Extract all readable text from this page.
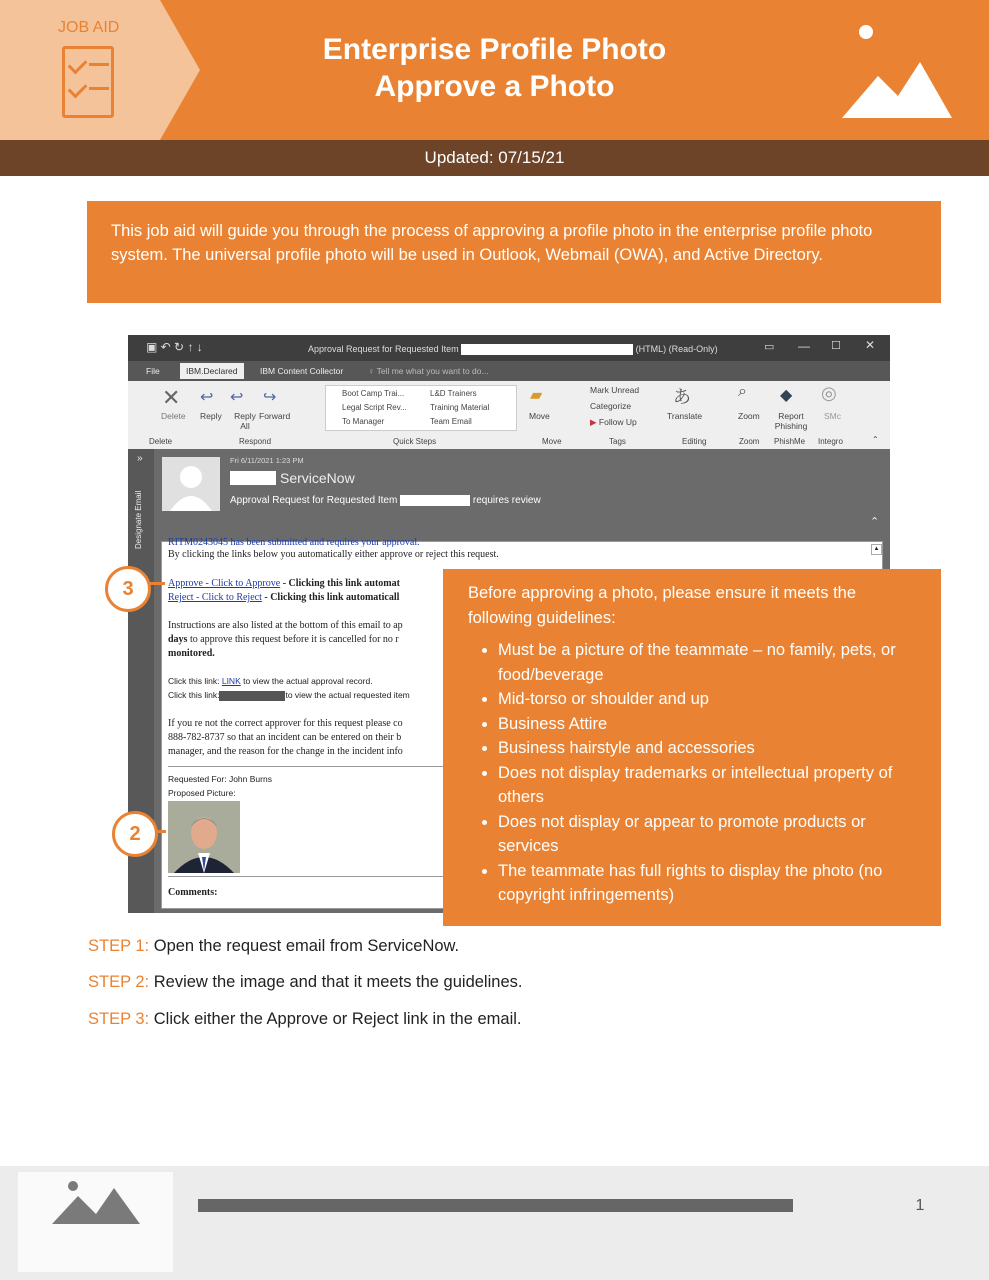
JOB AID
Enterprise Profile Photo
Approve a Photo
Updated: 07/15/21
This job aid will guide you through the process of approving a profile photo in the enterprise profile photo system. The universal profile photo will be used in Outlook, Webmail (OWA), and Active Directory.
▣ ↶ ↻ ↑ ↓	Approval Request for Requested Item	(HTML) (Read-Only)	▭ — ☐ ✕
File	IBM.Declared	IBM Content Collector	♀ Tell me what you want to do...
✕
Delete
↩
Reply
↩
Reply All
↪
Forward
Boot Camp Trai...	L&D Trainers
Legal Script Rev...	Training Material
To Manager	Team Email
▰
Move
Mark Unread
Categorize
▶ Follow Up
あ
Translate
⌕
Zoom
◆
Report Phishing
◎
SMc
Delete	Respond	Quick Steps	Move	Tags	Editing	Zoom PhishMe Integro	⌃
»
Designate Email
Fri 6/11/2021 1:23 PM
ServiceNow
Approval Request for Requested Item	requires review
⌃
RITM0243045 has been submitted and requires your approval.
By clicking the links below you automatically either approve or reject this request.
Approve - Click to Approve - Clicking this link automat
Reject - Click to Reject - Clicking this link automaticall
Instructions are also listed at the bottom of this email to ap
days to approve this request before it is cancelled for no r
monitored.
Click this link: LINK to view the actual approval record.
Click this link:	to view the actual requested item
If you re not the correct approver for this request please co
888-782-8737 so that an incident can be entered on their b
manager, and the reason for the change in the incident info
Requested For: John Burns
Proposed Picture:
Comments:
▲
3
2
Before approving a photo, please ensure it meets the following guidelines:
• Must be a picture of the teammate – no family, pets, or food/beverage
• Mid-torso or shoulder and up
• Business Attire
• Business hairstyle and accessories
• Does not display trademarks or intellectual property of others
• Does not display or appear to promote products or services
• The teammate has full rights to display the photo (no copyright infringements)
STEP 1: Open the request email from ServiceNow.
STEP 2: Review the image and that it meets the guidelines.
STEP 3: Click either the Approve or Reject link in the email.
1
